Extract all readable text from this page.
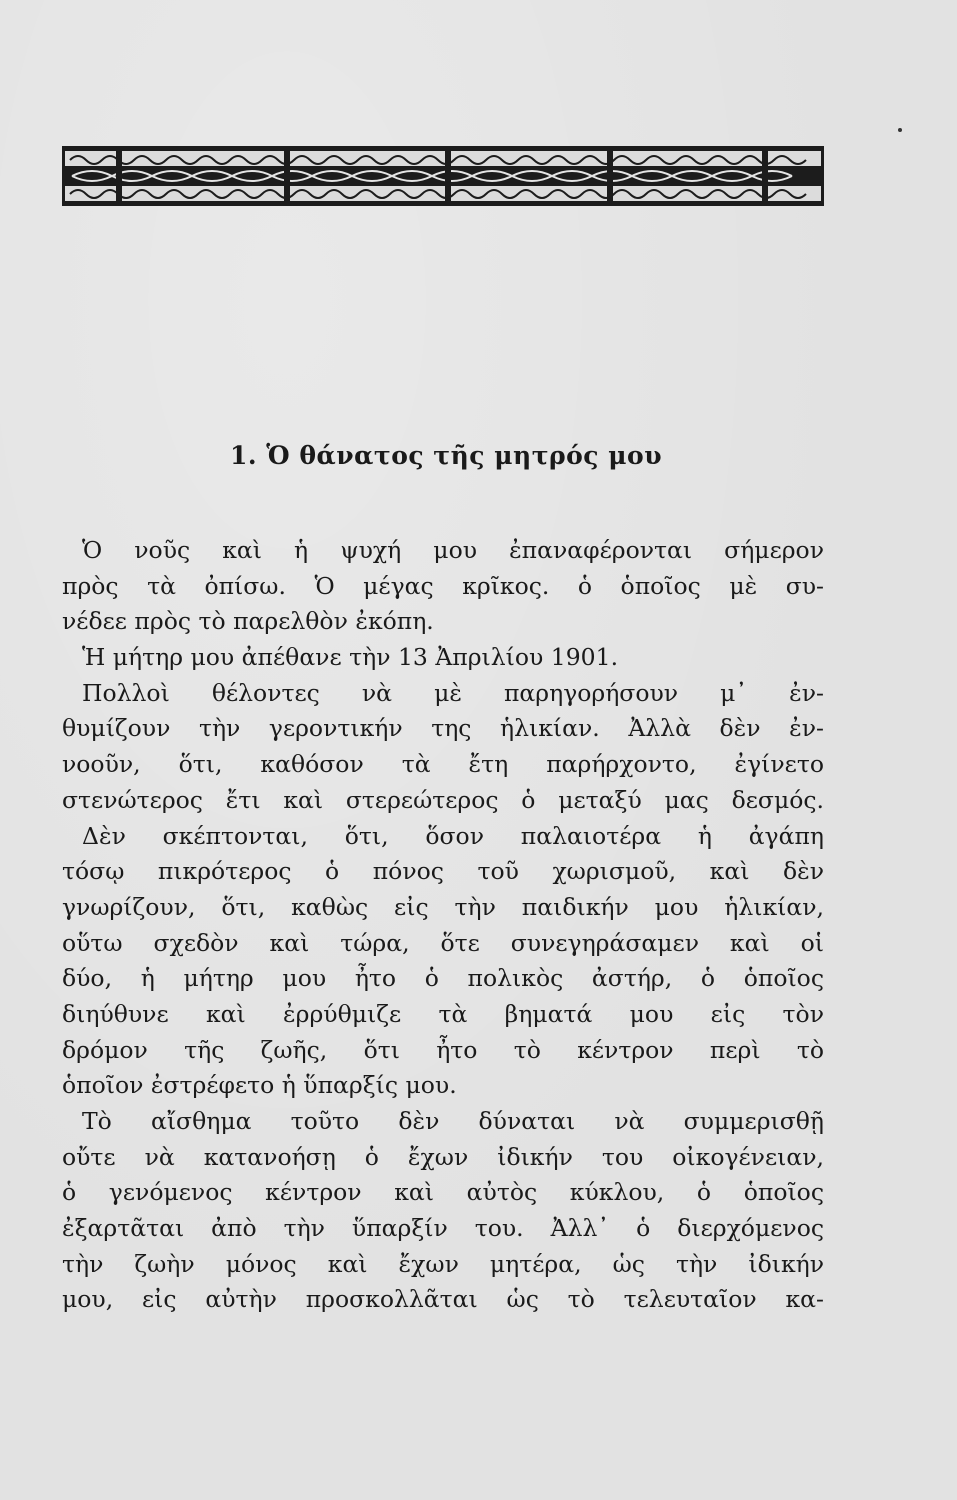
1. Ὁ θάνατος τῆς μητρός μου
Ὁ νοῦς καὶ ἡ ψυχή μου ἐπαναφέρονται σήμερον
πρὸς τὰ ὀπίσω. Ὁ μέγας κρῖκος. ὁ ὁποῖος μὲ συ-
νέδεε πρὸς τὸ παρελθὸν ἐκόπη.
Ἡ μήτηρ μου ἀπέθανε τὴν 13 Ἀπριλίου 1901.
Πολλοὶ θέλοντες νὰ μὲ παρηγορήσουν μ᾽ ἐν-
θυμίζουν τὴν γεροντικήν της ἡλικίαν. Ἀλλὰ δὲν ἐν-
νοοῦν, ὅτι, καθόσον τὰ ἔτη παρήρχοντο, ἐγίνετο
στενώτερος ἔτι καὶ στερεώτερος ὁ μεταξύ μας δεσμός.
Δὲν σκέπτονται, ὅτι, ὅσον παλαιοτέρα ἡ ἀγάπη
τόσῳ πικρότερος ὁ πόνος τοῦ χωρισμοῦ, καὶ δὲν
γνωρίζουν, ὅτι, καθὼς εἰς τὴν παιδικήν μου ἡλικίαν,
οὕτω σχεδὸν καὶ τώρα, ὅτε συνεγηράσαμεν καὶ οἱ
δύο, ἡ μήτηρ μου ἦτο ὁ πολικὸς ἀστήρ, ὁ ὁποῖος
διηύθυνε καὶ ἐρρύθμιζε τὰ βηματά μου εἰς τὸν
δρόμον τῆς ζωῆς, ὅτι ἦτο τὸ κέντρον περὶ τὸ
ὁποῖον ἐστρέφετο ἡ ὕπαρξίς μου.
Τὸ αἴσθημα τοῦτο δὲν δύναται νὰ συμμερισθῇ
οὔτε νὰ κατανοήσῃ ὁ ἔχων ἰδικήν του οἰκογένειαν,
ὁ γενόμενος κέντρον καὶ αὐτὸς κύκλου, ὁ ὁποῖος
ἐξαρτᾶται ἀπὸ τὴν ὕπαρξίν του. Ἀλλ᾽ ὁ διερχόμενος
τὴν ζωὴν μόνος καὶ ἔχων μητέρα, ὡς τὴν ἰδικήν
μου, εἰς αὐτὴν προσκολλᾶται ὡς τὸ τελευταῖον κα-
